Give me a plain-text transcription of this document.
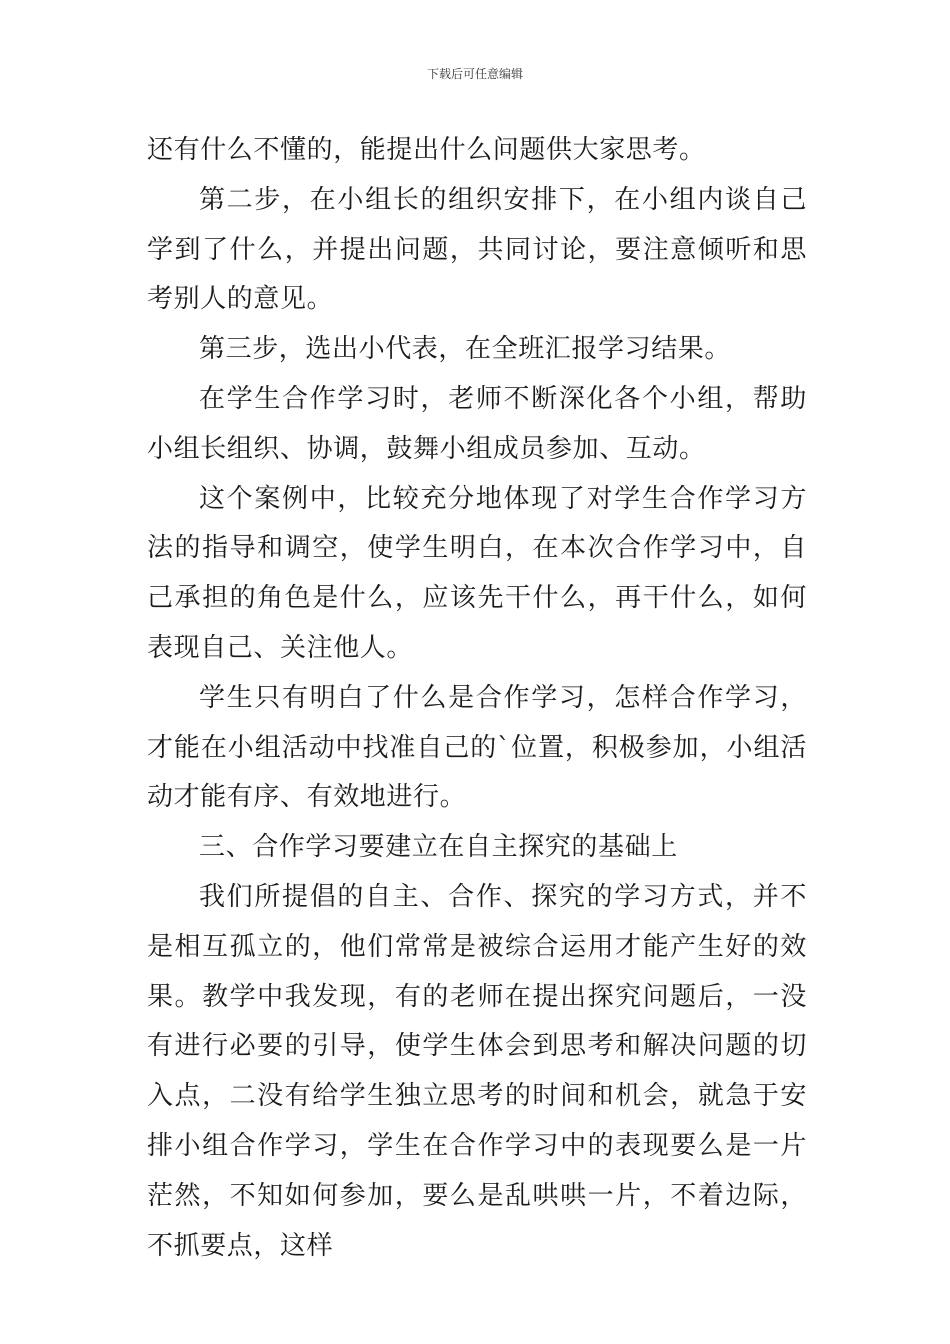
下载后可任意编辑

还有什么不懂的，能提出什么问题供大家思考。

第二步，在小组长的组织安排下，在小组内谈自己学到了什么，并提出问题，共同讨论，要注意倾听和思考别人的意见。

第三步，选出小代表，在全班汇报学习结果。

在学生合作学习时，老师不断深化各个小组，帮助小组长组织、协调，鼓舞小组成员参加、互动。

这个案例中，比较充分地体现了对学生合作学习方法的指导和调空，使学生明白，在本次合作学习中，自己承担的角色是什么，应该先干什么，再干什么，如何表现自己、关注他人。

学生只有明白了什么是合作学习，怎样合作学习，才能在小组活动中找准自己的`位置，积极参加，小组活动才能有序、有效地进行。

三、合作学习要建立在自主探究的基础上

我们所提倡的自主、合作、探究的学习方式，并不是相互孤立的，他们常常是被综合运用才能产生好的效果。教学中我发现，有的老师在提出探究问题后，一没有进行必要的引导，使学生体会到思考和解决问题的切入点，二没有给学生独立思考的时间和机会，就急于安排小组合作学习，学生在合作学习中的表现要么是一片茫然，不知如何参加，要么是乱哄哄一片，不着边际，不抓要点，这样
